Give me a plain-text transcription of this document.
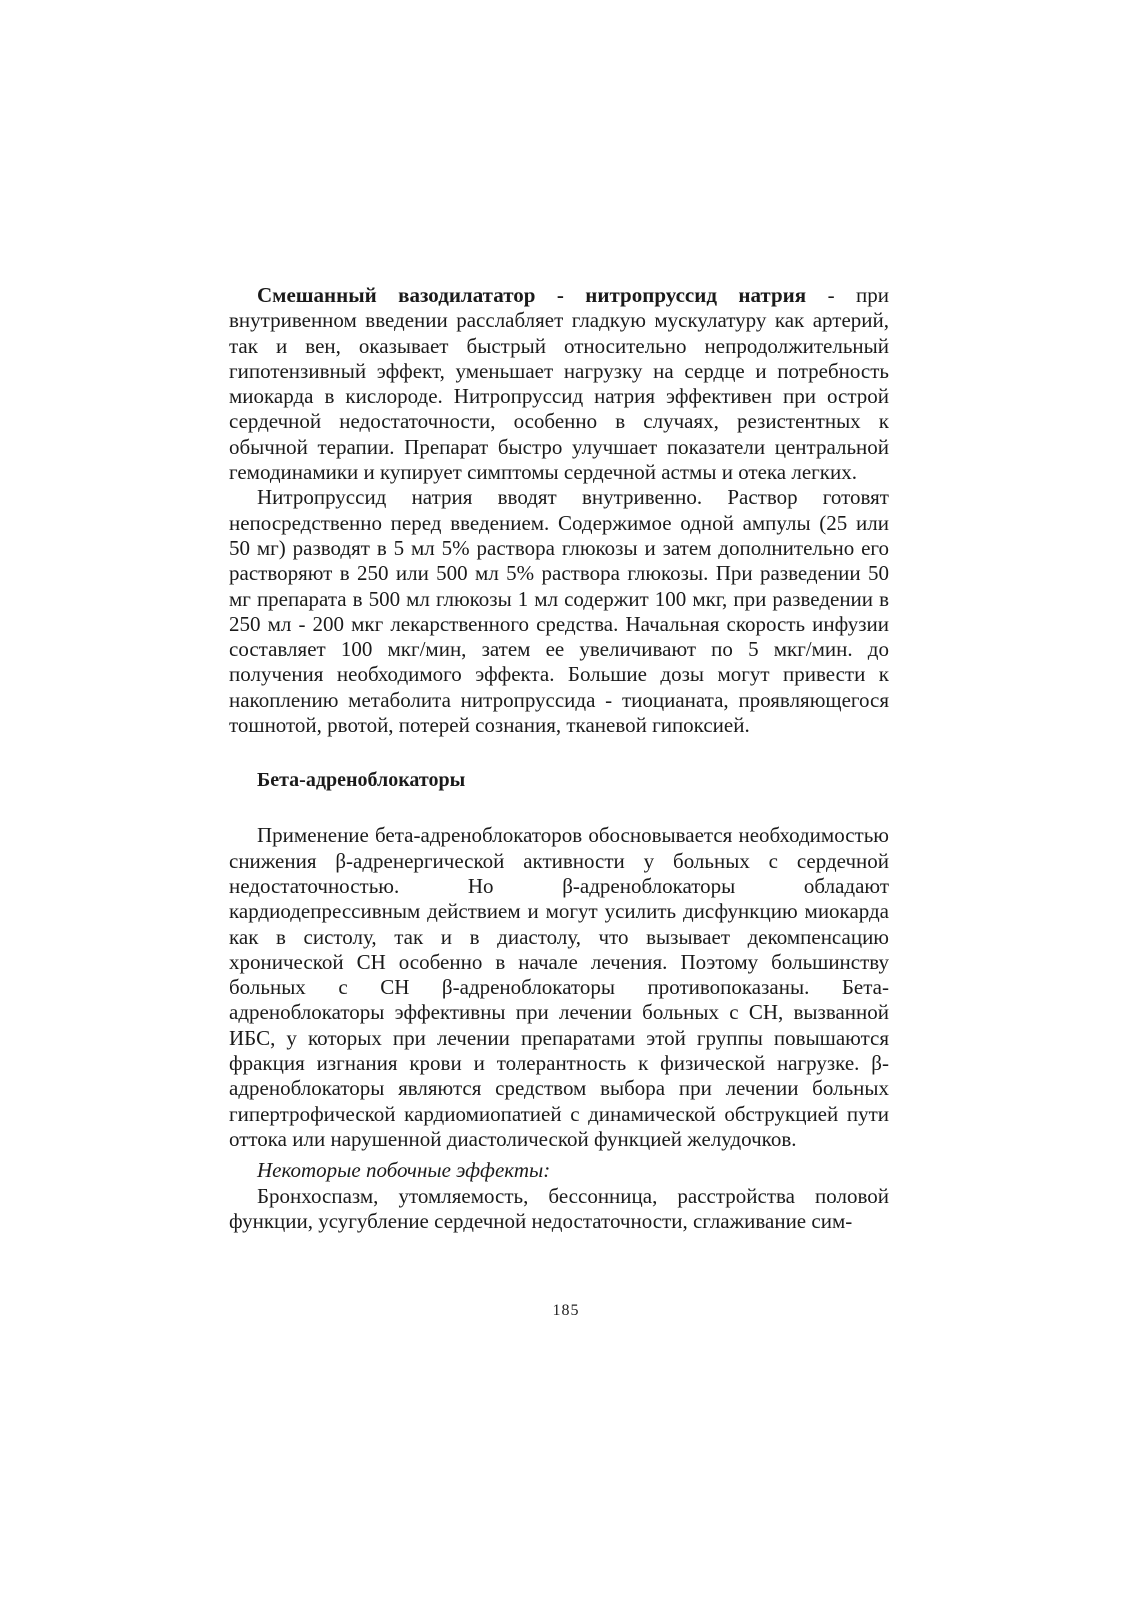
Смешанный вазодилататор - нитропруссид натрия - при внутривенном введении расслабляет гладкую мускулатуру как артерий, так и вен, оказывает быстрый относительно непродолжительный гипотензивный эффект, уменьшает нагрузку на сердце и потребность миокарда в кислороде. Нитропруссид натрия эффективен при острой сердечной недостаточности, особенно в случаях, резистентных к обычной терапии. Препарат быстро улучшает показатели центральной гемодинамики и купирует симптомы сердечной астмы и отека легких.

Нитропруссид натрия вводят внутривенно. Раствор готовят непосредственно перед введением. Содержимое одной ампулы (25 или 50 мг) разводят в 5 мл 5% раствора глюкозы и затем дополнительно его растворяют в 250 или 500 мл 5% раствора глюкозы. При разведении 50 мг препарата в 500 мл глюкозы 1 мл содержит 100 мкг, при разведении в 250 мл - 200 мкг лекарственного средства. Начальная скорость инфузии составляет 100 мкг/мин, затем ее увеличивают по 5 мкг/мин. до получения необходимого эффекта. Большие дозы могут привести к накоплению метаболита нитропруссида - тиоцианата, проявляющегося тошнотой, рвотой, потерей сознания, тканевой гипоксией.

Бета-адреноблокаторы

Применение бета-адреноблокаторов обосновывается необходимостью снижения β-адренергической активности у больных с сердечной недостаточностью. Но β-адреноблокаторы обладают кардиодепрессивным действием и могут усилить дисфункцию миокарда как в систолу, так и в диастолу, что вызывает декомпенсацию хронической СН особенно в начале лечения. Поэтому большинству больных с СН β-адреноблокаторы противопоказаны. Бета-адреноблокаторы эффективны при лечении больных с СН, вызванной ИБС, у которых при лечении препаратами этой группы повышаются фракция изгнания крови и толерантность к физической нагрузке. β-адреноблокаторы являются средством выбора при лечении больных гипертрофической кардиомиопатией с динамической обструкцией пути оттока или нарушенной диастолической функцией желудочков.

Некоторые побочные эффекты:

Бронхоспазм, утомляемость, бессонница, расстройства половой функции, усугубление сердечной недостаточности, сглаживание сим-

185
